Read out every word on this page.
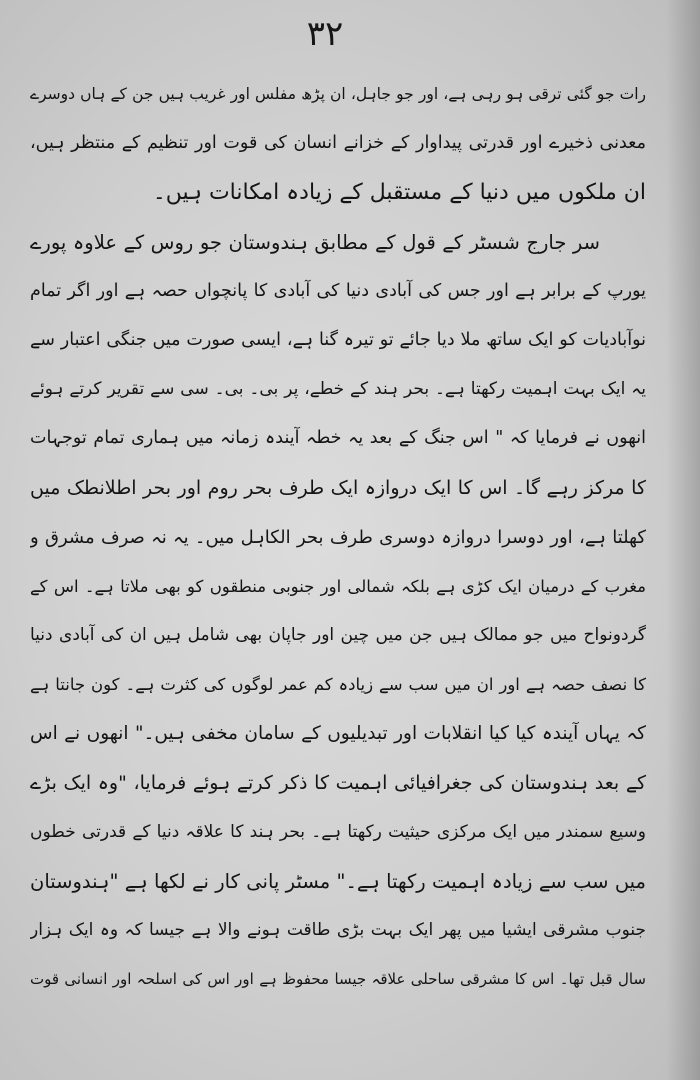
۳۲
رات جو گئی ترقی ہو رہی ہے، اور جو جاہل، ان پڑھ مفلس اور غریب ہیں جن کے ہاں دوسرے
معدنی ذخیرے اور قدرتی پیداوار کے خزانے انسان کی قوت اور تنظیم کے منتظر ہیں،
ان ملکوں میں دنیا کے مستقبل کے زیادہ امکانات ہیں۔
سر جارج شسٹر کے قول کے مطابق ہندوستان جو روس کے علاوہ پورے
یورپ کے برابر ہے اور جس کی آبادی دنیا کی آبادی کا پانچواں حصہ ہے اور اگر تمام
نوآبادیات کو ایک ساتھ ملا دیا جائے تو تیرہ گنا ہے، ایسی صورت میں جنگی اعتبار سے
یہ ایک بہت اہمیت رکھتا ہے۔ بحر ہند کے خطے، پر بی۔ بی۔ سی سے تقریر کرتے ہوئے
انھوں نے فرمایا کہ " اس جنگ کے بعد یہ خطہ آیندہ زمانہ میں ہماری تمام توجہات
کا مرکز رہے گا۔ اس کا ایک دروازہ ایک طرف بحر روم اور بحر اطلانطک میں
کھلتا ہے، اور دوسرا دروازہ دوسری طرف بحر الکاہل میں۔ یہ نہ صرف مشرق و
مغرب کے درمیان ایک کڑی ہے بلکہ شمالی اور جنوبی منطقوں کو بھی ملاتا ہے۔ اس کے
گردونواح میں جو ممالک ہیں جن میں چین اور جاپان بھی شامل ہیں ان کی آبادی دنیا
کا نصف حصہ ہے اور ان میں سب سے زیادہ کم عمر لوگوں کی کثرت ہے۔ کون جانتا ہے
کہ یہاں آیندہ کیا کیا انقلابات اور تبدیلیوں کے سامان مخفی ہیں۔" انھوں نے اس
کے بعد ہندوستان کی جغرافیائی اہمیت کا ذکر کرتے ہوئے فرمایا، "وہ ایک بڑے
وسیع سمندر میں ایک مرکزی حیثیت رکھتا ہے۔ بحر ہند کا علاقہ دنیا کے قدرتی خطوں
میں سب سے زیادہ اہمیت رکھتا ہے۔" مسٹر پانی کار نے لکھا ہے "ہندوستان
جنوب مشرقی ایشیا میں پھر ایک بہت بڑی طاقت ہونے والا ہے جیسا کہ وہ ایک ہزار
سال قبل تھا۔ اس کا مشرقی ساحلی علاقہ جیسا محفوظ ہے اور اس کی اسلحہ اور انسانی قوت
